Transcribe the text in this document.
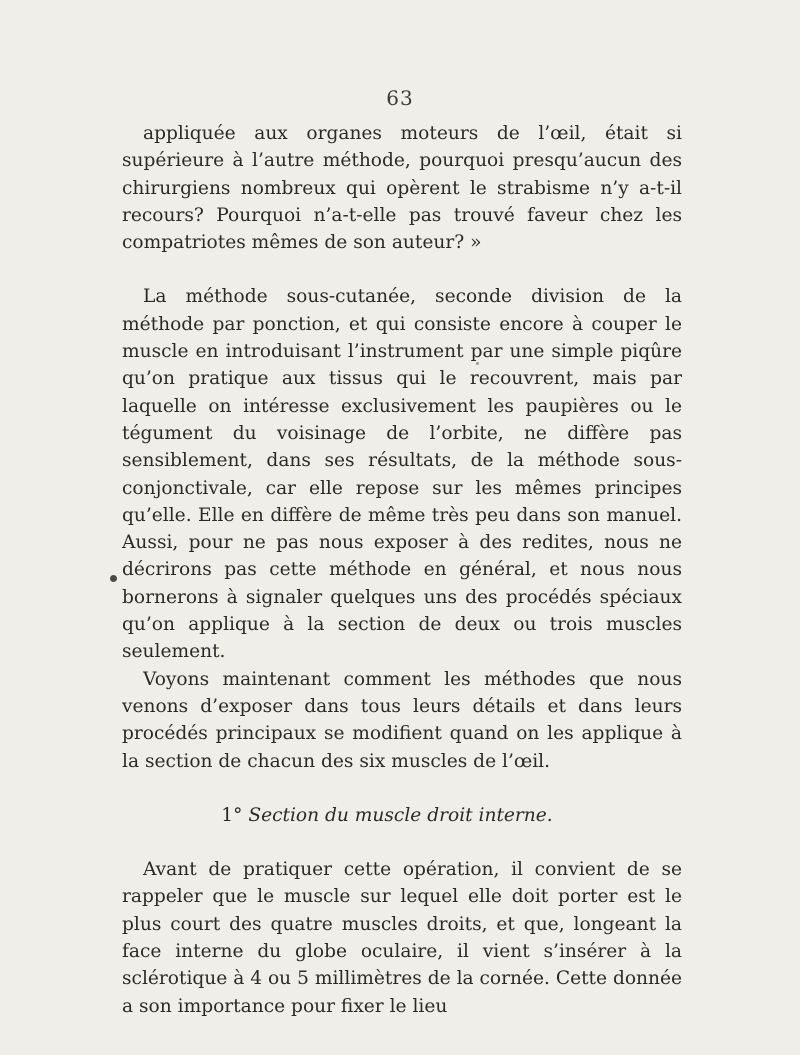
63

appliquée aux organes moteurs de l’œil, était si supérieure à l’autre méthode, pourquoi presqu’aucun des chirurgiens nombreux qui opèrent le strabisme n’y a-t-il recours? Pourquoi n’a-t-elle pas trouvé faveur chez les compatriotes mêmes de son auteur? »

La méthode sous-cutanée, seconde division de la méthode par ponction, et qui consiste encore à couper le muscle en introduisant l’instrument par une simple piqûre qu’on pratique aux tissus qui le recouvrent, mais par laquelle on intéresse exclusivement les paupières ou le tégument du voisinage de l’orbite, ne diffère pas sensiblement, dans ses résultats, de la méthode sous-conjonctivale, car elle repose sur les mêmes principes qu’elle. Elle en diffère de même très peu dans son manuel. Aussi, pour ne pas nous exposer à des redites, nous ne décrirons pas cette méthode en général, et nous nous bornerons à signaler quelques uns des procédés spéciaux qu’on applique à la section de deux ou trois muscles seulement.

Voyons maintenant comment les méthodes que nous venons d’exposer dans tous leurs détails et dans leurs procédés principaux se modifient quand on les applique à la section de chacun des six muscles de l’œil.

1° Section du muscle droit interne.

Avant de pratiquer cette opération, il convient de se rappeler que le muscle sur lequel elle doit porter est le plus court des quatre muscles droits, et que, longeant la face interne du globe oculaire, il vient s’insérer à la sclérotique à 4 ou 5 millimètres de la cornée. Cette donnée a son importance pour fixer le lieu
